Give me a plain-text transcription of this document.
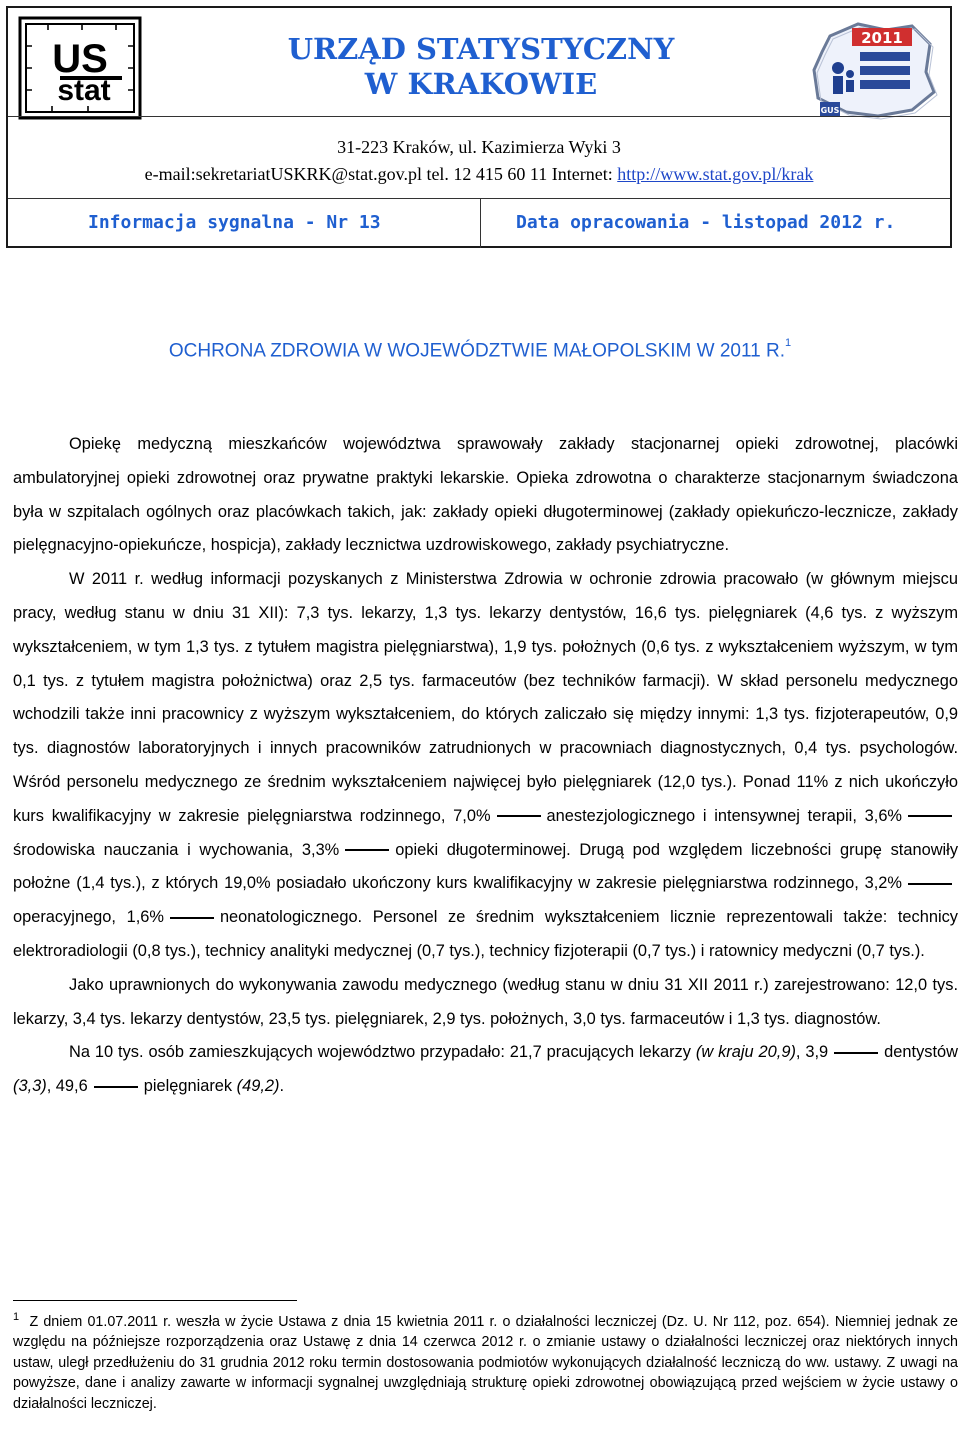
US
stat
URZĄD STATYSTYCZNY
W KRAKOWIE
2011
GUS
31-223 Kraków, ul. Kazimierza Wyki 3
e-mail:sekretariatUSKRK@stat.gov.pl tel. 12 415 60 11 Internet: http://www.stat.gov.pl/krak
Informacja sygnalna - Nr 13	Data opracowania - listopad 2012 r.
OCHRONA ZDROWIA W WOJEWÓDZTWIE MAŁOPOLSKIM W 2011 R.$^1$

Opiekę medyczną mieszkańców województwa sprawowały zakłady stacjonarnej opieki zdrowotnej, placówki ambulatoryjnej opieki zdrowotnej oraz prywatne praktyki lekarskie. Opieka zdrowotna o charakterze stacjonarnym świadczona była w szpitalach ogólnych oraz placówkach takich, jak: zakłady opieki długoterminowej (zakłady opiekuńczo-lecznicze, zakłady pielęgnacyjno-opiekuńcze, hospicja), zakłady lecznictwa uzdrowiskowego, zakłady psychiatryczne.

W 2011 r. według informacji pozyskanych z Ministerstwa Zdrowia w ochronie zdrowia pracowało (w głównym miejscu pracy, według stanu w dniu 31 XII): 7,3 tys. lekarzy, 1,3 tys. lekarzy dentystów, 16,6 tys. pielęgniarek (4,6 tys. z wyższym wykształceniem, w tym 1,3 tys. z tytułem magistra pielęgniarstwa), 1,9 tys. położnych (0,6 tys. z wykształceniem wyższym, w tym 0,1 tys. z tytułem magistra położnictwa) oraz 2,5 tys. farmaceutów (bez techników farmacji). W skład personelu medycznego wchodzili także inni pracownicy z wyższym wykształceniem, do których zaliczało się między innymi: 1,3 tys. fizjoterapeutów, 0,9 tys. diagnostów laboratoryjnych i innych pracowników zatrudnionych w pracowniach diagnostycznych, 0,4 tys. psychologów. Wśród personelu medycznego ze średnim wykształceniem najwięcej było pielęgniarek (12,0 tys.). Ponad 11% z nich ukończyło kurs kwalifikacyjny w zakresie pielęgniarstwa rodzinnego, 7,0%	anestezjologicznego i intensywnej terapii, 3,6%środowiska nauczania i wychowania, 3,3%	opieki długoterminowej. Drugą pod względem liczebności grupę stanowiły położne (1,4 tys.), z których 19,0% posiadało ukończony kurs kwalifikacyjny w zakresie pielęgniarstwa rodzinnego, 3,2%operacyjnego, 1,6%	neonatologicznego. Personel ze średnim wykształceniem licznie reprezentowali także: technicy elektroradiologii (0,8 tys.), technicy analityki medycznej (0,7 tys.), technicy fizjoterapii (0,7 tys.) i ratownicy medyczni (0,7 tys.).

Jako uprawnionych do wykonywania zawodu medycznego (według stanu w dniu 31 XII 2011 r.) zarejestrowano: 12,0 tys. lekarzy, 3,4 tys. lekarzy dentystów, 23,5 tys. pielęgniarek, 2,9 tys. położnych, 3,0 tys. farmaceutów i 1,3 tys. diagnostów.

Na 10 tys. osób zamieszkujących województwo przypadało: 21,7 pracujących lekarzy (w kraju 20,9), 3,9	dentystów (3,3), 49,6	pielęgniarek (49,2).

$^1$ Z dniem 01.07.2011 r. weszła w życie Ustawa z dnia 15 kwietnia 2011 r. o działalności leczniczej (Dz. U. Nr 112, poz. 654). Niemniej jednak ze względu na późniejsze rozporządzenia oraz Ustawę z dnia 14 czerwca 2012 r. o zmianie ustawy o działalności leczniczej oraz niektórych innych ustaw, uległ przedłużeniu do 31 grudnia 2012 roku termin dostosowania podmiotów wykonujących działalność leczniczą do ww. ustawy. Z uwagi na powyższe, dane i analizy zawarte w informacji sygnalnej uwzględniają strukturę opieki zdrowotnej obowiązującą przed wejściem w życie ustawy o działalności leczniczej.
